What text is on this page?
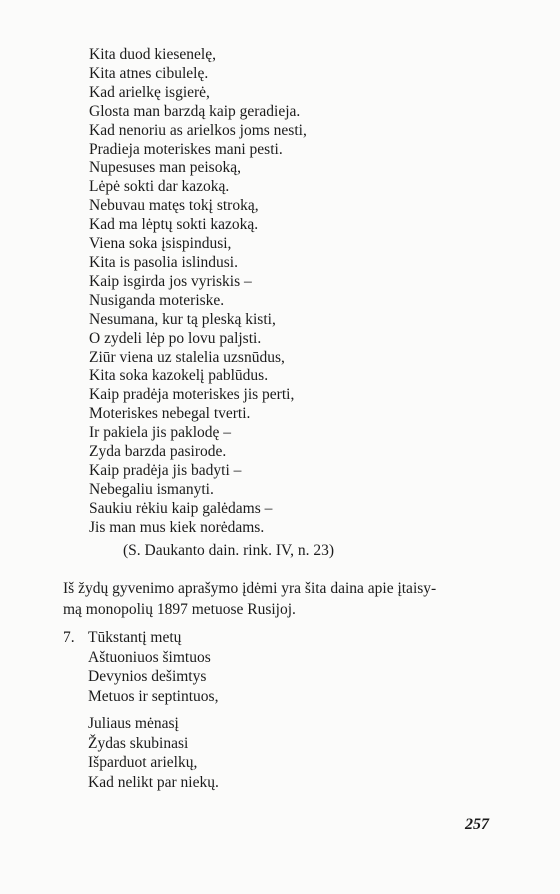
Kita duod kiesenelę,
Kita atnes cibulelę.
Kad arielkę isgierė,
Glosta man barzdą kaip geradieja.
Kad nenoriu as arielkos joms nesti,
Pradieja moteriskes mani pesti.
Nupesuses man peisoką,
Lėpė sokti dar kazoką.
Nebuvau matęs tokį stroką,
Kad ma lėptų sokti kazoką.
Viena soka įsispindusi,
Kita is pasolia islindusi.
Kaip isgirda jos vyriskis –
Nusiganda moteriske.
Nesumana, kur tą pleską kisti,
O zydeli lėp po lovu paljsti.
Ziūr viena uz stalelia uzsnūdus,
Kita soka kazokelį pablūdus.
Kaip pradėja moteriskes jis perti,
Moteriskes nebegal tverti.
Ir pakiela jis paklodę –
Zyda barzda pasirode.
Kaip pradėja jis badyti –
Nebegaliu ismanyti.
Saukiu rėkiu kaip galėdams –
Jis man mus kiek norėdams.
(S. Daukanto dain. rink. IV, n. 23)
Iš žydų gyvenimo aprašymo įdėmi yra šita daina apie įtaisy-
mą monopolių 1897 metuose Rusijoj.
7. Tūkstantį metų
Aštuoniuos šimtuos
Devynios dešimtys
Metuos ir septintuos,
Juliaus mėnasį
Žydas skubinasi
Išparduot arielkų,
Kad nelikt par niekų.
257
